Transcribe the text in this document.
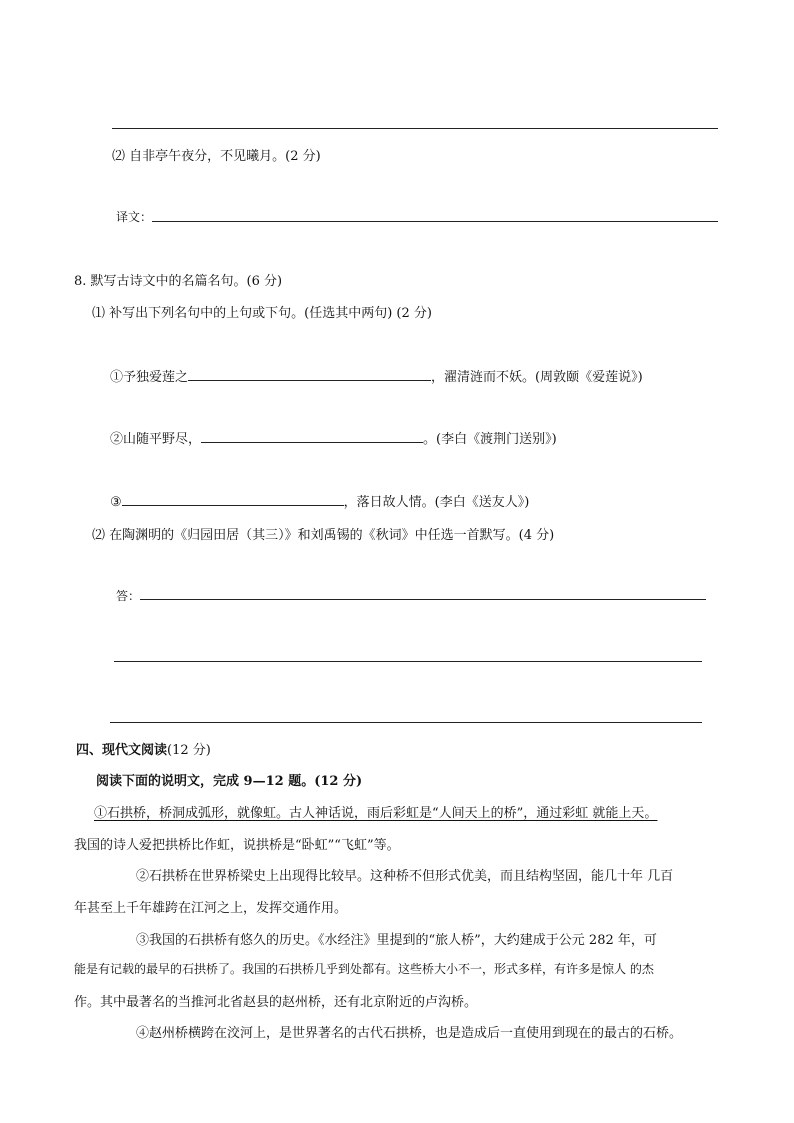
⑵ 自非亭午夜分，不见曦月。(2 分)
译文：
8. 默写古诗文中的名篇名句。(6 分)
⑴ 补写出下列名句中的上句或下句。(任选其中两句) (2 分)
①予独爱莲之	，濯清涟而不妖。(周敦颐《爱莲说》)
②山随平野尽，	。(李白《渡荆门送别》)
③	，落日故人情。(李白《送友人》)
⑵ 在陶渊明的《归园田居（其三）》和刘禹锡的《秋词》中任选一首默写。(4 分)
答：
四、现代文阅读(12 分)
阅读下面的说明文，完成 9—12 题。(12 分)
①石拱桥，桥洞成弧形，就像虹。古人神话说，雨后彩虹是“人间天上的桥”，通过彩虹 就能上天。
我国的诗人爱把拱桥比作虹，说拱桥是“卧虹”“飞虹”等。
②石拱桥在世界桥梁史上出现得比较早。这种桥不但形式优美，而且结构坚固，能几十年 几百
年甚至上千年雄跨在江河之上，发挥交通作用。
③我国的石拱桥有悠久的历史。《水经注》里提到的“旅人桥”，大约建成于公元 282 年，可
能是有记载的最早的石拱桥了。我国的石拱桥几乎到处都有。这些桥大小不一，形式多样，有许多是惊人 的杰
作。其中最著名的当推河北省赵县的赵州桥，还有北京附近的卢沟桥。
④赵州桥横跨在洨河上，是世界著名的古代石拱桥，也是造成后一直使用到现在的最古的石桥。
